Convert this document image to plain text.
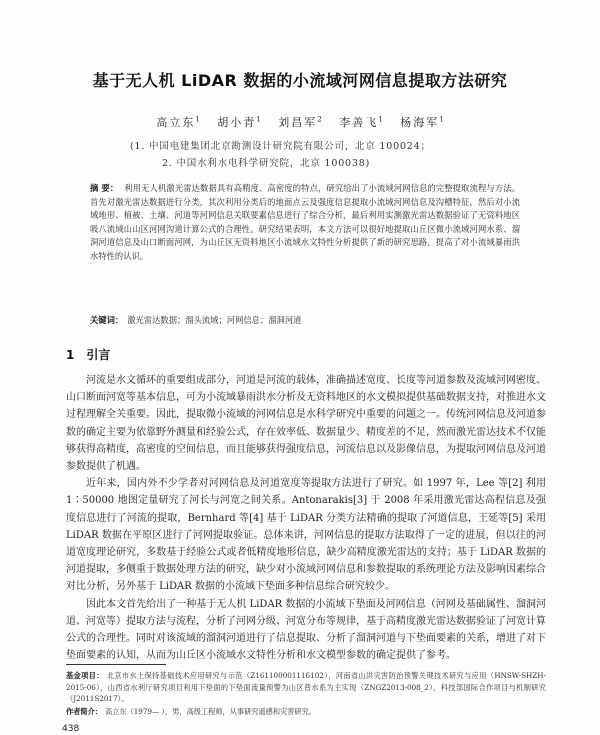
基于无人机 LiDAR 数据的小流域河网信息提取方法研究
高立东$^1$ 胡小青$^1$ 刘昌军$^2$ 李善飞$^1$ 杨海军$^1$
(1. 中国电建集团北京勘测设计研究院有限公司，北京 100024；
2. 中国水利水电科学研究院，北京 100038)
摘 要： 利用无人机激光雷达数据具有高精度、高密度的特点，研究给出了小流域河网信息的完整提取流程与方法。首先对激光雷达数据进行分类，其次利用分类后的地面点云及强度信息提取小流域河网信息及沟槽特征，然后对小流域地形、植被、土壤、河道等河网信息关联要素信息进行了综合分析，最后利用实测激光雷达数据验证了无资料地区吸八流域山山区河网沟道计算公式的合理性。研究结果表明，本文方法可以很好地提取山丘区微小流域河网水系、溜洞河道信息及山口断面河网，为山丘区无资料地区小流域水文特性分析提供了新的研究思路，提高了对小流域暴雨洪水特性的认识。
关键词： 激光雷达数据；溜头流域；河网信息；溜洞河道
1 引言

河流是水文循环的重要组成部分，河道是河流的载体，准确描述宽度、长度等河道参数及流域河网密度、山口断面河宽等基本信息，可为小流域暴雨洪水分析及无资料地区的水文模拟提供基础数据支持，对推进水文过程理解全关重要。因此，提取微小流域的河网信息是水科学研究中重要的问题之一。传统河网信息及河道参数的确定主要为依靠野外测量和经验公式，存在效率低、数据量少、精度差的不足，然而激光雷达技术不仅能够获得高精度，高密度的空间信息，而且能够获得强度信息，河流信息以及影像信息，为提取河网信息及河道参数提供了机遇。

近年来，国内外不少学者对河网信息及河道宽度等提取方法进行了研究。如 1997 年，Lee 等[2] 利用 1∶50000 地图定量研究了河长与河宽之间关系。Antonarakis[3] 于 2008 年采用激光雷达高程信息及强度信息进行了河流的提取，Bernhard 等[4] 基于 LiDAR 分类方法精确的提取了河道信息，王延等[5] 采用 LiDAR 数据在平原区进行了河网提取验证。总体来讲，河网信息的提取方法取得了一定的进展，但以往的河道宽度理论研究，多数基于经验公式或者低精度地形信息，缺少高精度激光雷达的支持；基于 LiDAR 数据的河道提取，多侧重于数据处理方法的研究，缺少对小流域河网信息和参数提取的系统理论方法及影响因素综合对比分析，另外基于 LiDAR 数据的小流域下垫面多种信息综合研究较少。

因此本文首先给出了一种基于无人机 LiDAR 数据的小流域下垫面及河网信息（河网及基础属性、溜洞河道、河宽等）提取方法与流程，分析了河网分级、河宽分布等规律，基于高精度激光雷达数据验证了河宽计算公式的合理性。同时对该流域的溜洞河道进行了信息提取、分析了溜洞河道与下垫面要素的关系，增进了对下垫面要素的认知，从而为山丘区小流域水文特性分析和水文模型参数的确定提供了参考。

基金项目： 北京市水土保持基础技术应用研究与示范（Z161100001116102），河南省山洪灾害防治预警关键技术研究与应用（HNSW-SHZH-2015-06），山西省水利厅研究项目利用下垫面的下垫面流量预警为山区普水系为主实现（ZNGZ2013-008_2），科技部国际合作项目与机制研究（J2011S2017）。
作者简介： 高立东（1979— ），男，高级工程师，从事研究遥感和灾害研究。
438
